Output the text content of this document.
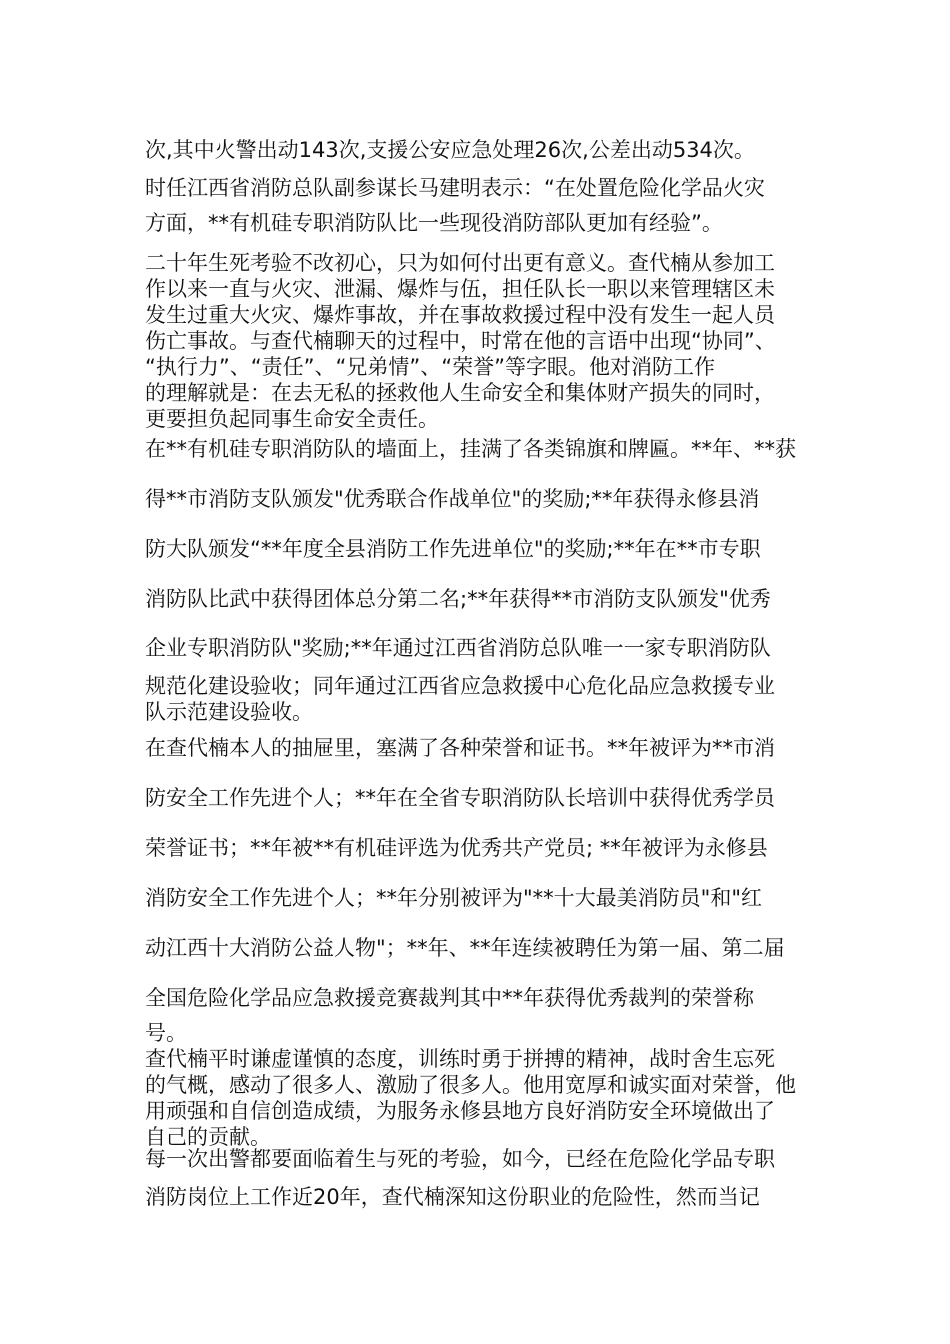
次,其中火警出动143次,支援公安应急处理26次,公差出动534次。

时任江西省消防总队副参谋长马建明表示：“在处置危险化学品火灾

方面，**有机硅专职消防队比一些现役消防部队更加有经验”。

二十年生死考验不改初心，只为如何付出更有意义。查代楠从参加工

作以来一直与火灾、泄漏、爆炸与伍，担任队长一职以来管理辖区未

发生过重大火灾、爆炸事故，并在事故救援过程中没有发生一起人员

伤亡事故。与查代楠聊天的过程中，时常在他的言语中出现“协同”、

“执行力”、“责任”、“兄弟情”、“荣誉”等字眼。他对消防工作

的理解就是：在去无私的拯救他人生命安全和集体财产损失的同时，

更要担负起同事生命安全责任。

在**有机硅专职消防队的墙面上，挂满了各类锦旗和牌匾。**年、**获

得**市消防支队颁发"优秀联合作战单位"的奖励;**年获得永修县消

防大队颁发“**年度全县消防工作先进单位"的奖励;**年在**市专职

消防队比武中获得团体总分第二名;**年获得**市消防支队颁发"优秀

企业专职消防队"奖励;**年通过江西省消防总队唯一一家专职消防队

规范化建设验收；同年通过江西省应急救援中心危化品应急救援专业

队示范建设验收。

在查代楠本人的抽屉里，塞满了各种荣誉和证书。**年被评为**市消

防安全工作先进个人；**年在全省专职消防队长培训中获得优秀学员

荣誉证书；**年被**有机硅评选为优秀共产党员; **年被评为永修县

消防安全工作先进个人；**年分别被评为"**十大最美消防员"和"红

动江西十大消防公益人物"；**年、**年连续被聘任为第一届、第二届

全国危险化学品应急救援竞赛裁判其中**年获得优秀裁判的荣誉称

号。

查代楠平时谦虚谨慎的态度，训练时勇于拼搏的精神，战时舍生忘死

的气概，感动了很多人、激励了很多人。他用宽厚和诚实面对荣誉，他

用顽强和自信创造成绩，为服务永修县地方良好消防安全环境做出了

自己的贡献。

每一次出警都要面临着生与死的考验，如今，已经在危险化学品专职

消防岗位上工作近20年，查代楠深知这份职业的危险性，然而当记
